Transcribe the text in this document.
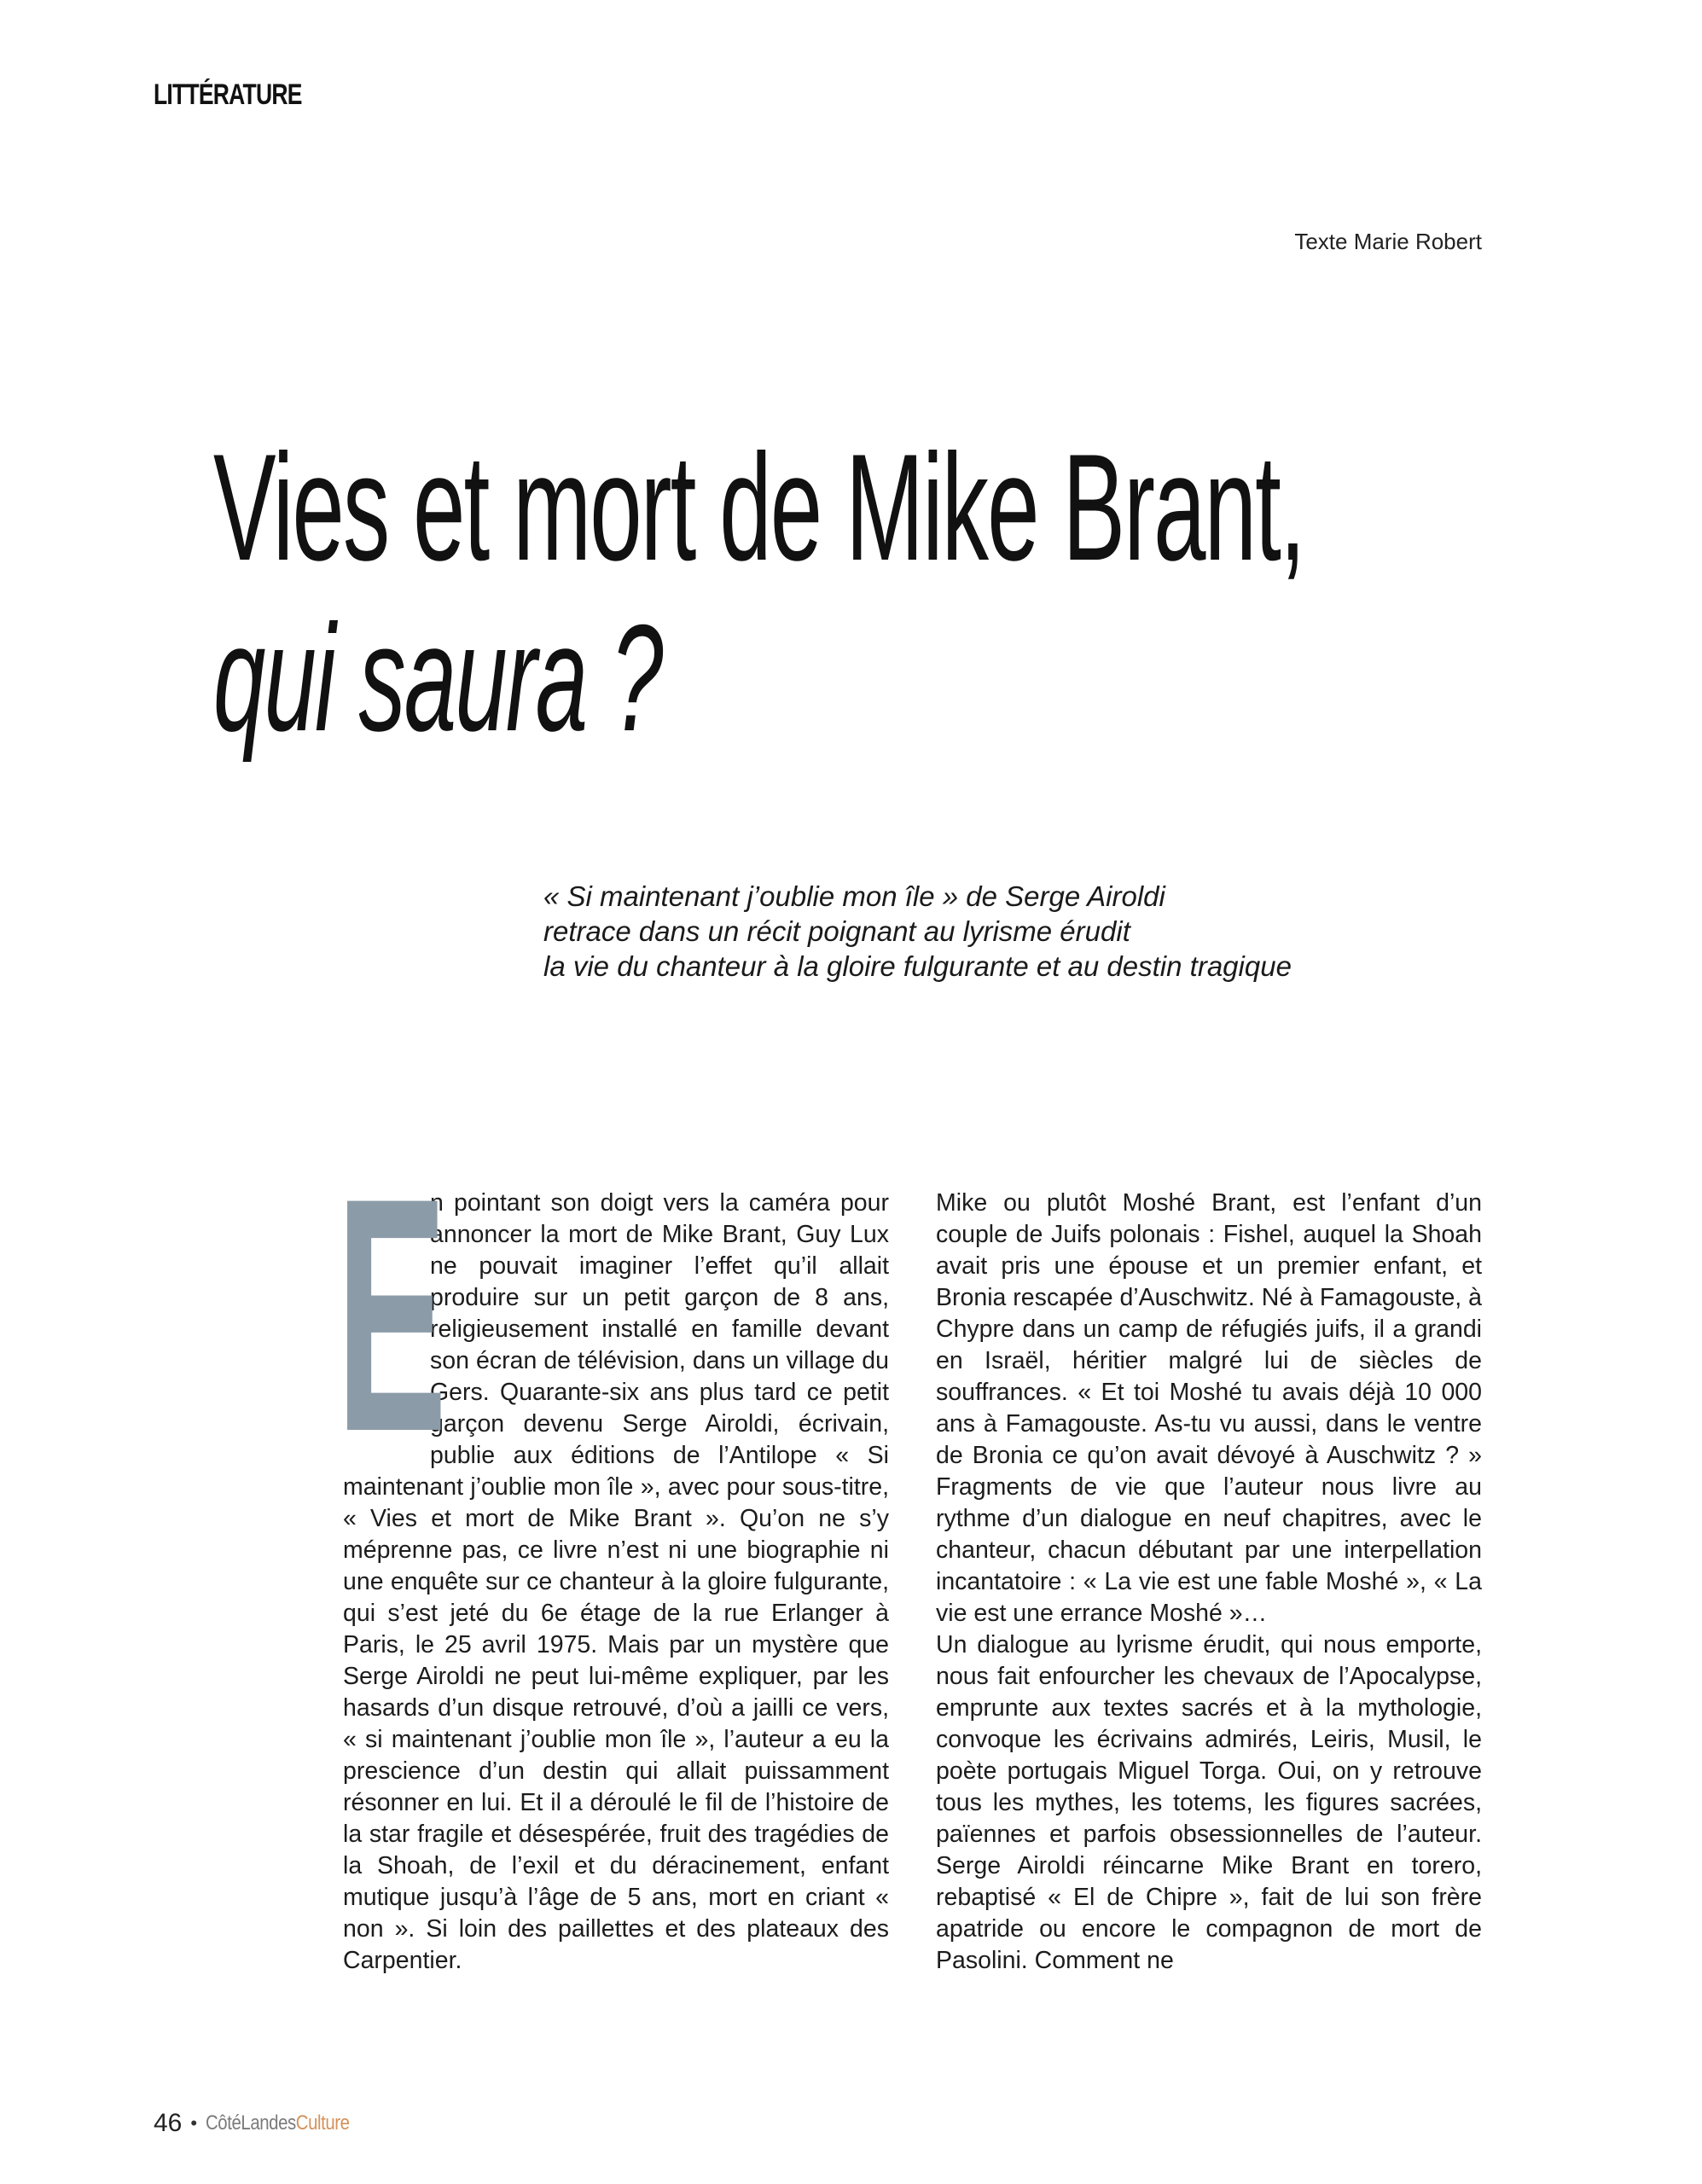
LITTÉRATURE
Texte Marie Robert
Vies et mort de Mike Brant,
qui saura ?
« Si maintenant j’oublie mon île » de Serge Airoldi
retrace dans un récit poignant au lyrisme érudit
la vie du chanteur à la gloire fulgurante et au destin tragique
E

n pointant son doigt vers la caméra pour annoncer la mort de Mike Brant, Guy Lux ne pouvait imaginer l’effet qu’il allait produire sur un petit garçon de 8 ans, religieusement installé en famille devant son écran de télévision, dans un village du Gers. Quarante-six ans plus tard ce petit garçon devenu Serge Airoldi, écrivain, publie aux éditions de l’Antilope « Si maintenant j’oublie mon île », avec pour sous-titre, « Vies et mort de Mike Brant ». Qu’on ne s’y méprenne pas, ce livre n’est ni une biographie ni une enquête sur ce chanteur à la gloire fulgurante, qui s’est jeté du 6e étage de la rue Erlanger à Paris, le 25 avril 1975. Mais par un mystère que Serge Airoldi ne peut lui-même expliquer, par les hasards d’un disque retrouvé, d’où a jailli ce vers, « si maintenant j’oublie mon île », l’auteur a eu la prescience d’un destin qui allait puissamment résonner en lui. Et il a déroulé le fil de l’histoire de la star fragile et désespérée, fruit des tragédies de la Shoah, de l’exil et du déracinement, enfant mutique jusqu’à l’âge de 5 ans, mort en criant « non ». Si loin des paillettes et des plateaux des Carpentier.

Mike ou plutôt Moshé Brant, est l’enfant d’un couple de Juifs polonais : Fishel, auquel la Shoah avait pris une épouse et un premier enfant, et Bronia rescapée d’Auschwitz. Né à Famagouste, à Chypre dans un camp de réfugiés juifs, il a grandi en Israël, héritier malgré lui de siècles de souffrances. « Et toi Moshé tu avais déjà 10 000 ans à Famagouste. As-tu vu aussi, dans le ventre de Bronia ce qu’on avait dévoyé à Auschwitz ? » Fragments de vie que l’auteur nous livre au rythme d’un dialogue en neuf chapitres, avec le chanteur, chacun débutant par une interpellation incantatoire : « La vie est une fable Moshé », « La vie est une errance Moshé »…

Un dialogue au lyrisme érudit, qui nous emporte, nous fait enfourcher les chevaux de l’Apocalypse, emprunte aux textes sacrés et à la mythologie, convoque les écrivains admirés, Leiris, Musil, le poète portugais Miguel Torga. Oui, on y retrouve tous les mythes, les totems, les figures sacrées, païennes et parfois obsessionnelles de l’auteur. Serge Airoldi réincarne Mike Brant en torero, rebaptisé « El de Chipre », fait de lui son frère apatride ou encore le compagnon de mort de Pasolini. Comment ne

46 • CôtéLandesCulture
